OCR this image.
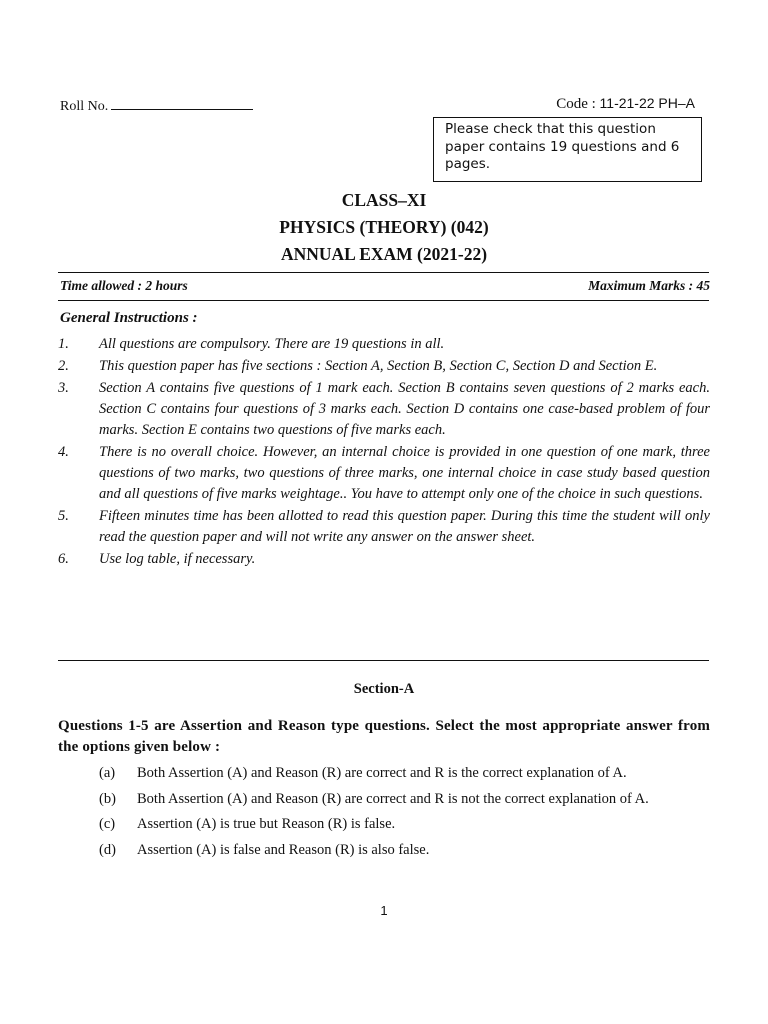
Roll No.	Code : 11-21-22 PH–A
Please check that this question paper contains 19 questions and 6 pages.
CLASS–XI
PHYSICS (THEORY) (042)
ANNUAL EXAM (2021-22)
Time allowed : 2 hours	Maximum Marks : 45
General Instructions :
1.	All questions are compulsory. There are 19 questions in all.
2.	This question paper has five sections : Section A, Section B, Section C, Section D and Section E.
3.	Section A contains five questions of 1 mark each. Section B contains seven questions of 2 marks each. Section C contains four questions of 3 marks each. Section D contains one case-based problem of four marks. Section E contains two questions of five marks each.
4.	There is no overall choice. However, an internal choice is provided in one question of one mark, three questions of two marks, two questions of three marks, one internal choice in case study based question and all questions of five marks weightage.. You have to attempt only one of the choice in such questions.
5.	Fifteen minutes time has been allotted to read this question paper. During this time the student will only read the question paper and will not write any answer on the answer sheet.
6.	Use log table, if necessary.
Section-A
Questions 1-5 are Assertion and Reason type questions. Select the most appropriate answer from the options given below :
(a)	Both Assertion (A) and Reason (R) are correct and R is the correct explanation of A.
(b)	Both Assertion (A) and Reason (R) are correct and R is not the correct explanation of A.
(c)	Assertion (A) is true but Reason (R) is false.
(d)	Assertion (A) is false and Reason (R) is also false.
1
